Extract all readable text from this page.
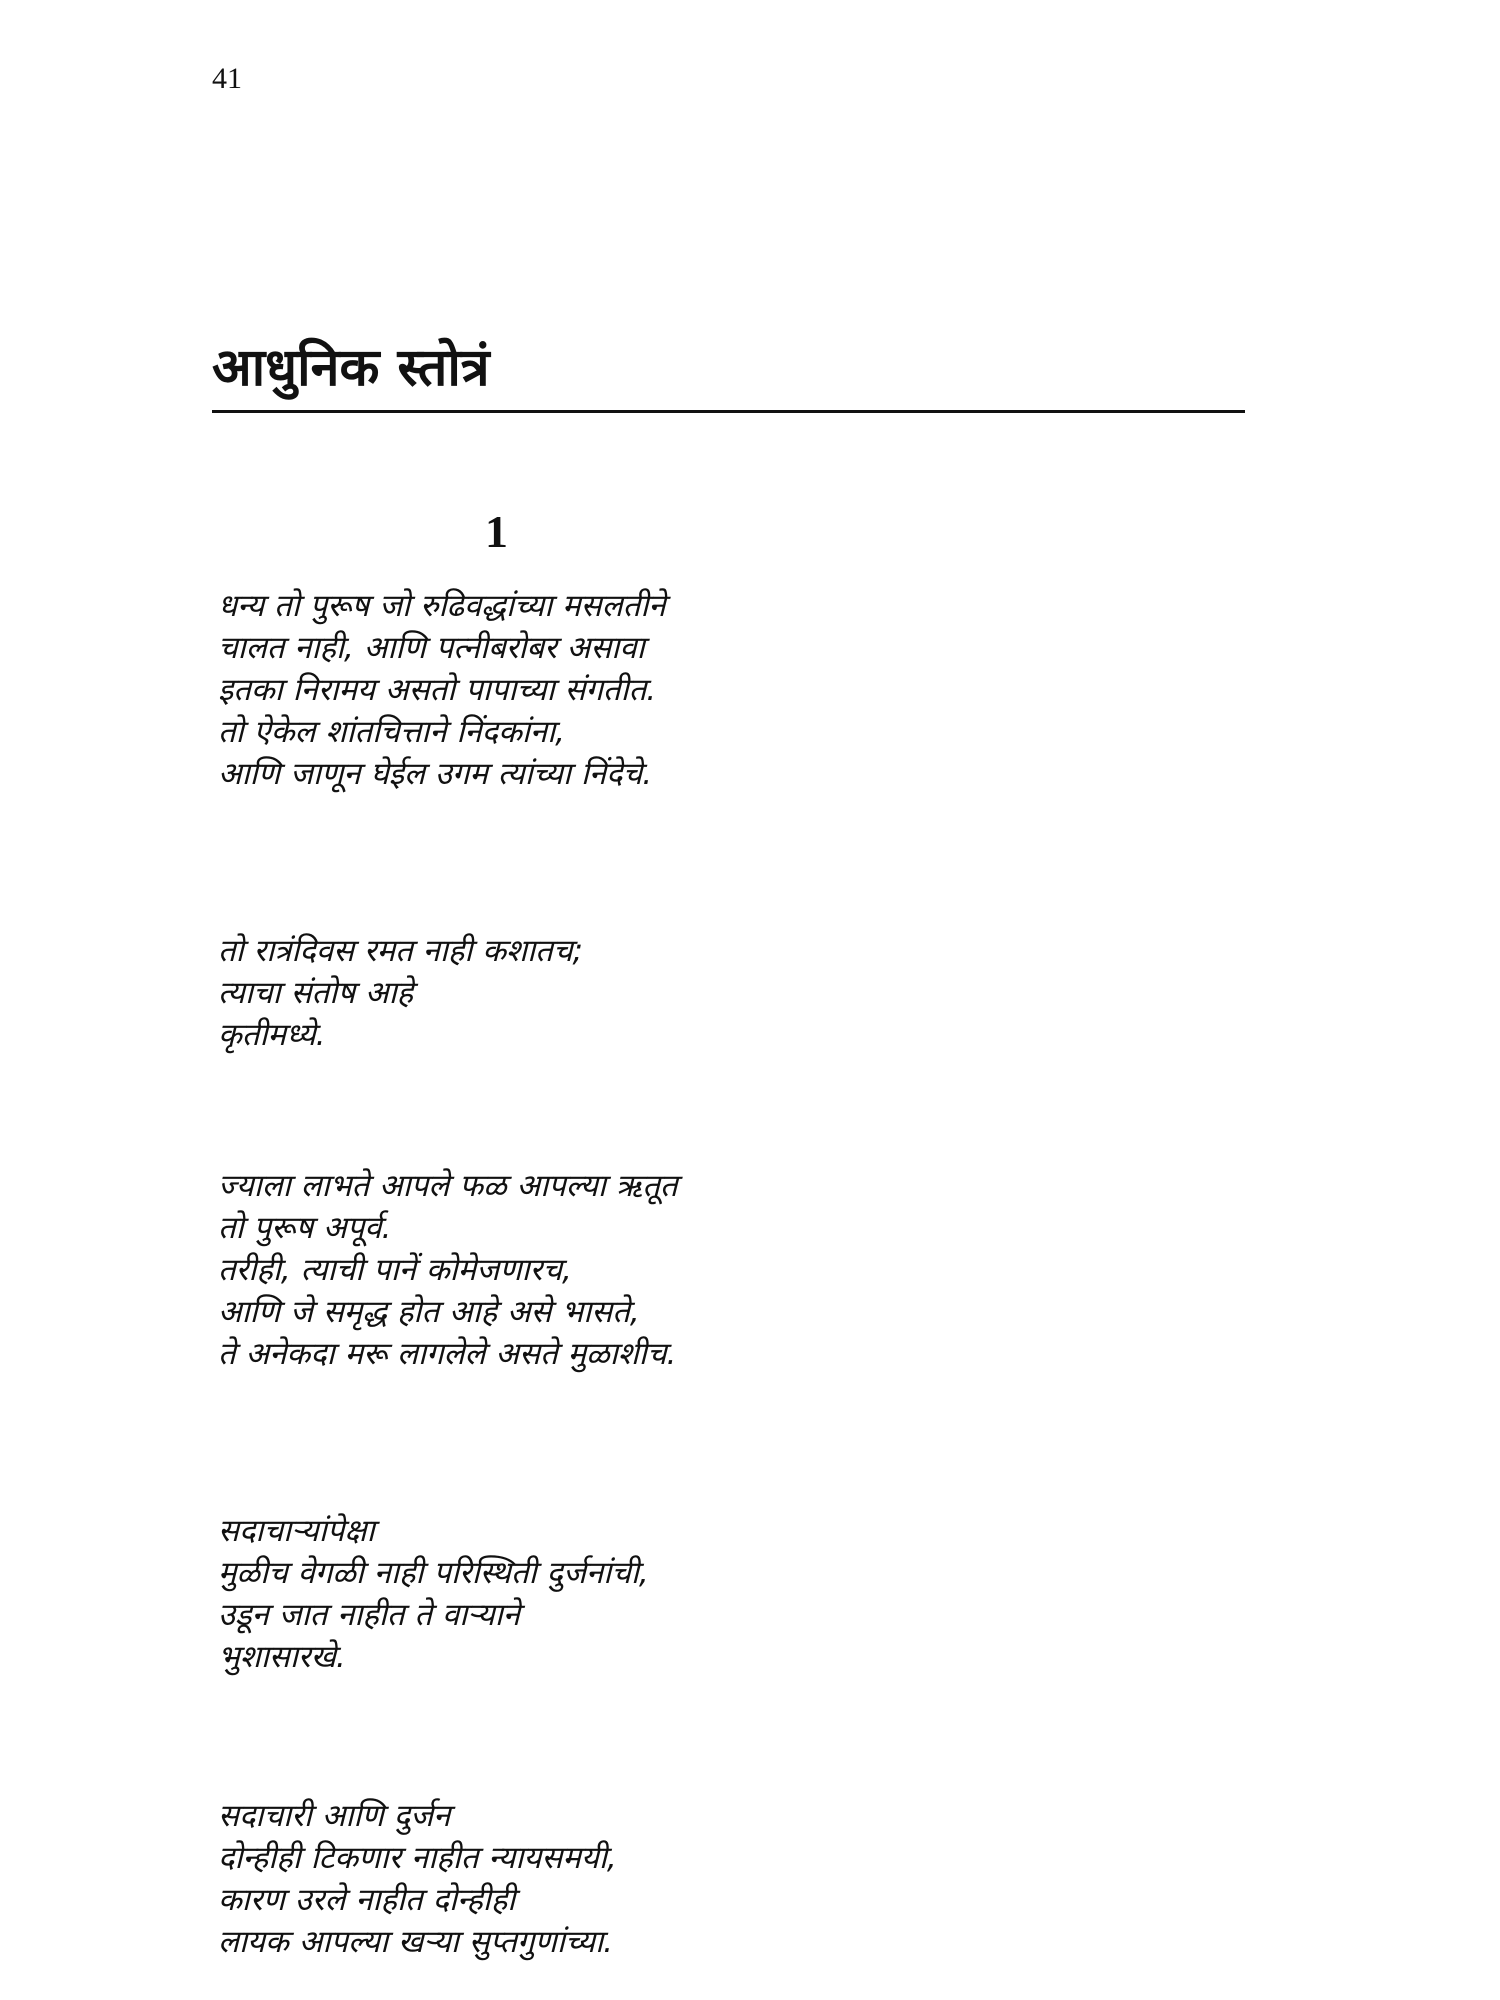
41
आधुनिक स्तोत्रं
1
धन्य तो पुरूष जो रुढिवद्धांच्या मसलतीने
चालत नाही, आणि पत्नीबरोबर असावा
इतका निरामय असतो पापाच्या संगतीत.
तो ऐकेल शांतचित्ताने निंदकांना,
आणि जाणून घेईल उगम त्यांच्या निंदेचे.
तो रात्रंदिवस रमत नाही कशातच;
त्याचा संतोष आहे
कृतीमध्ये.
ज्याला लाभते आपले फळ आपल्या ऋतूत
तो पुरूष अपूर्व.
तरीही, त्याची पानें कोमेजणारच,
आणि जे समृद्ध होत आहे असे भासते,
ते अनेकदा मरू लागलेले असते मुळाशीच.
सदाचाऱ्यांपेक्षा
मुळीच वेगळी नाही परिस्थिती दुर्जनांची,
उडून जात नाहीत ते वाऱ्याने
भुशासारखे.
सदाचारी आणि दुर्जन
दोन्हीही टिकणार नाहीत न्यायसमयी,
कारण उरले नाहीत दोन्हीही
लायक आपल्या खऱ्या सुप्तगुणांच्या.
